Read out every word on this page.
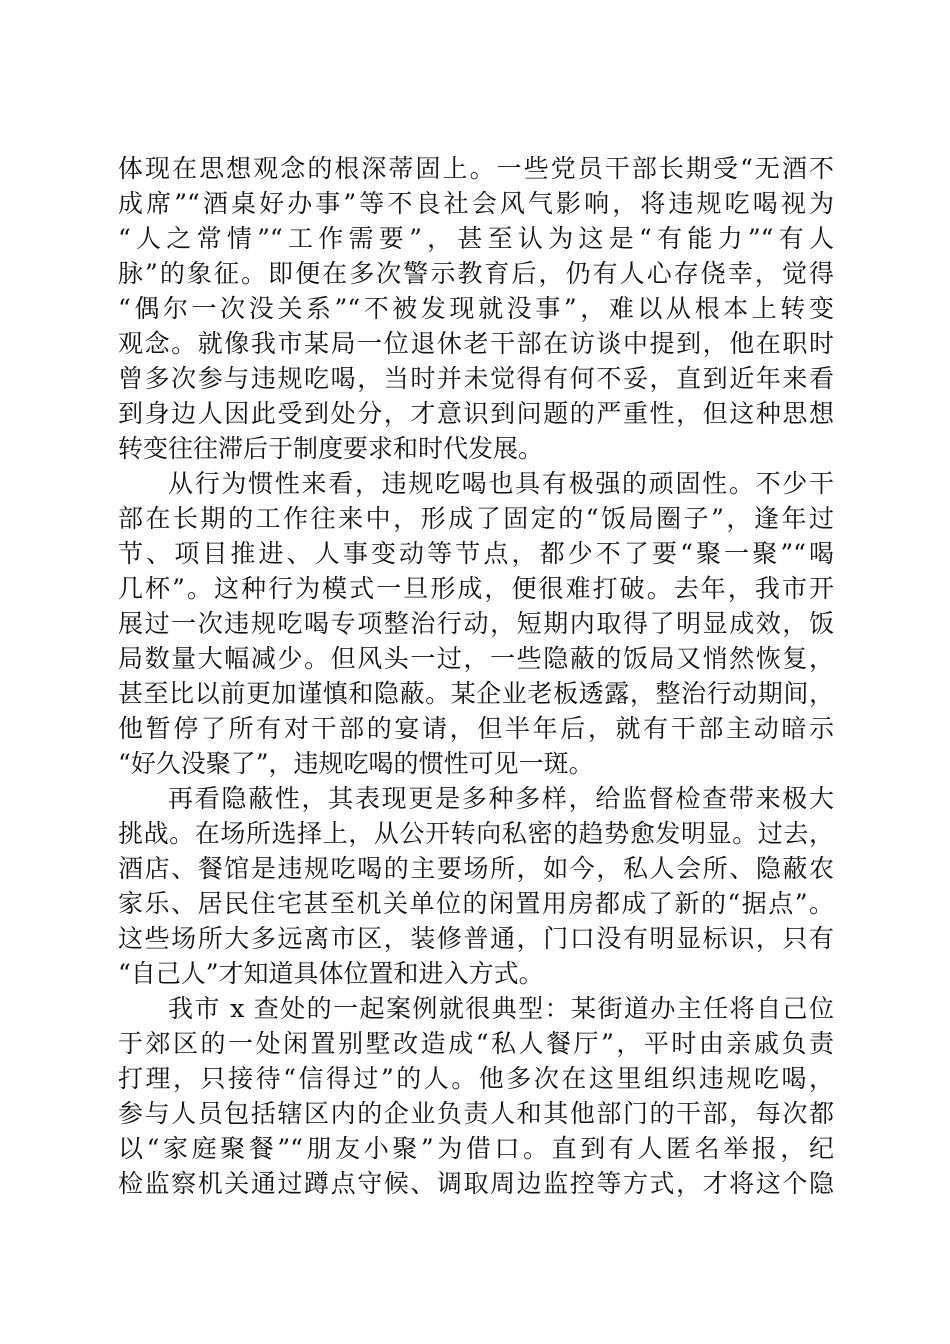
体现在思想观念的根深蒂固上。一些党员干部长期受“无酒不
成席”“酒桌好办事”等不良社会风气影响，将违规吃喝视为
“人之常情”“工作需要”，甚至认为这是“有能力”“有人
脉”的象征。即便在多次警示教育后，仍有人心存侥幸，觉得
“偶尔一次没关系”“不被发现就没事”，难以从根本上转变
观念。就像我市某局一位退休老干部在访谈中提到，他在职时
曾多次参与违规吃喝，当时并未觉得有何不妥，直到近年来看
到身边人因此受到处分，才意识到问题的严重性，但这种思想
转变往往滞后于制度要求和时代发展。
从行为惯性来看，违规吃喝也具有极强的顽固性。不少干
部在长期的工作往来中，形成了固定的“饭局圈子”，逢年过
节、项目推进、人事变动等节点，都少不了要“聚一聚”“喝
几杯”。这种行为模式一旦形成，便很难打破。去年，我市开
展过一次违规吃喝专项整治行动，短期内取得了明显成效，饭
局数量大幅减少。但风头一过，一些隐蔽的饭局又悄然恢复，
甚至比以前更加谨慎和隐蔽。某企业老板透露，整治行动期间，
他暂停了所有对干部的宴请，但半年后，就有干部主动暗示
“好久没聚了”，违规吃喝的惯性可见一斑。
再看隐蔽性，其表现更是多种多样，给监督检查带来极大
挑战。在场所选择上，从公开转向私密的趋势愈发明显。过去，
酒店、餐馆是违规吃喝的主要场所，如今，私人会所、隐蔽农
家乐、居民住宅甚至机关单位的闲置用房都成了新的“据点”。
这些场所大多远离市区，装修普通，门口没有明显标识，只有
“自己人”才知道具体位置和进入方式。
我市 x 查处的一起案例就很典型：某街道办主任将自己位
于郊区的一处闲置别墅改造成“私人餐厅”，平时由亲戚负责
打理，只接待“信得过”的人。他多次在这里组织违规吃喝，
参与人员包括辖区内的企业负责人和其他部门的干部，每次都
以“家庭聚餐”“朋友小聚”为借口。直到有人匿名举报，纪
检监察机关通过蹲点守候、调取周边监控等方式，才将这个隐
